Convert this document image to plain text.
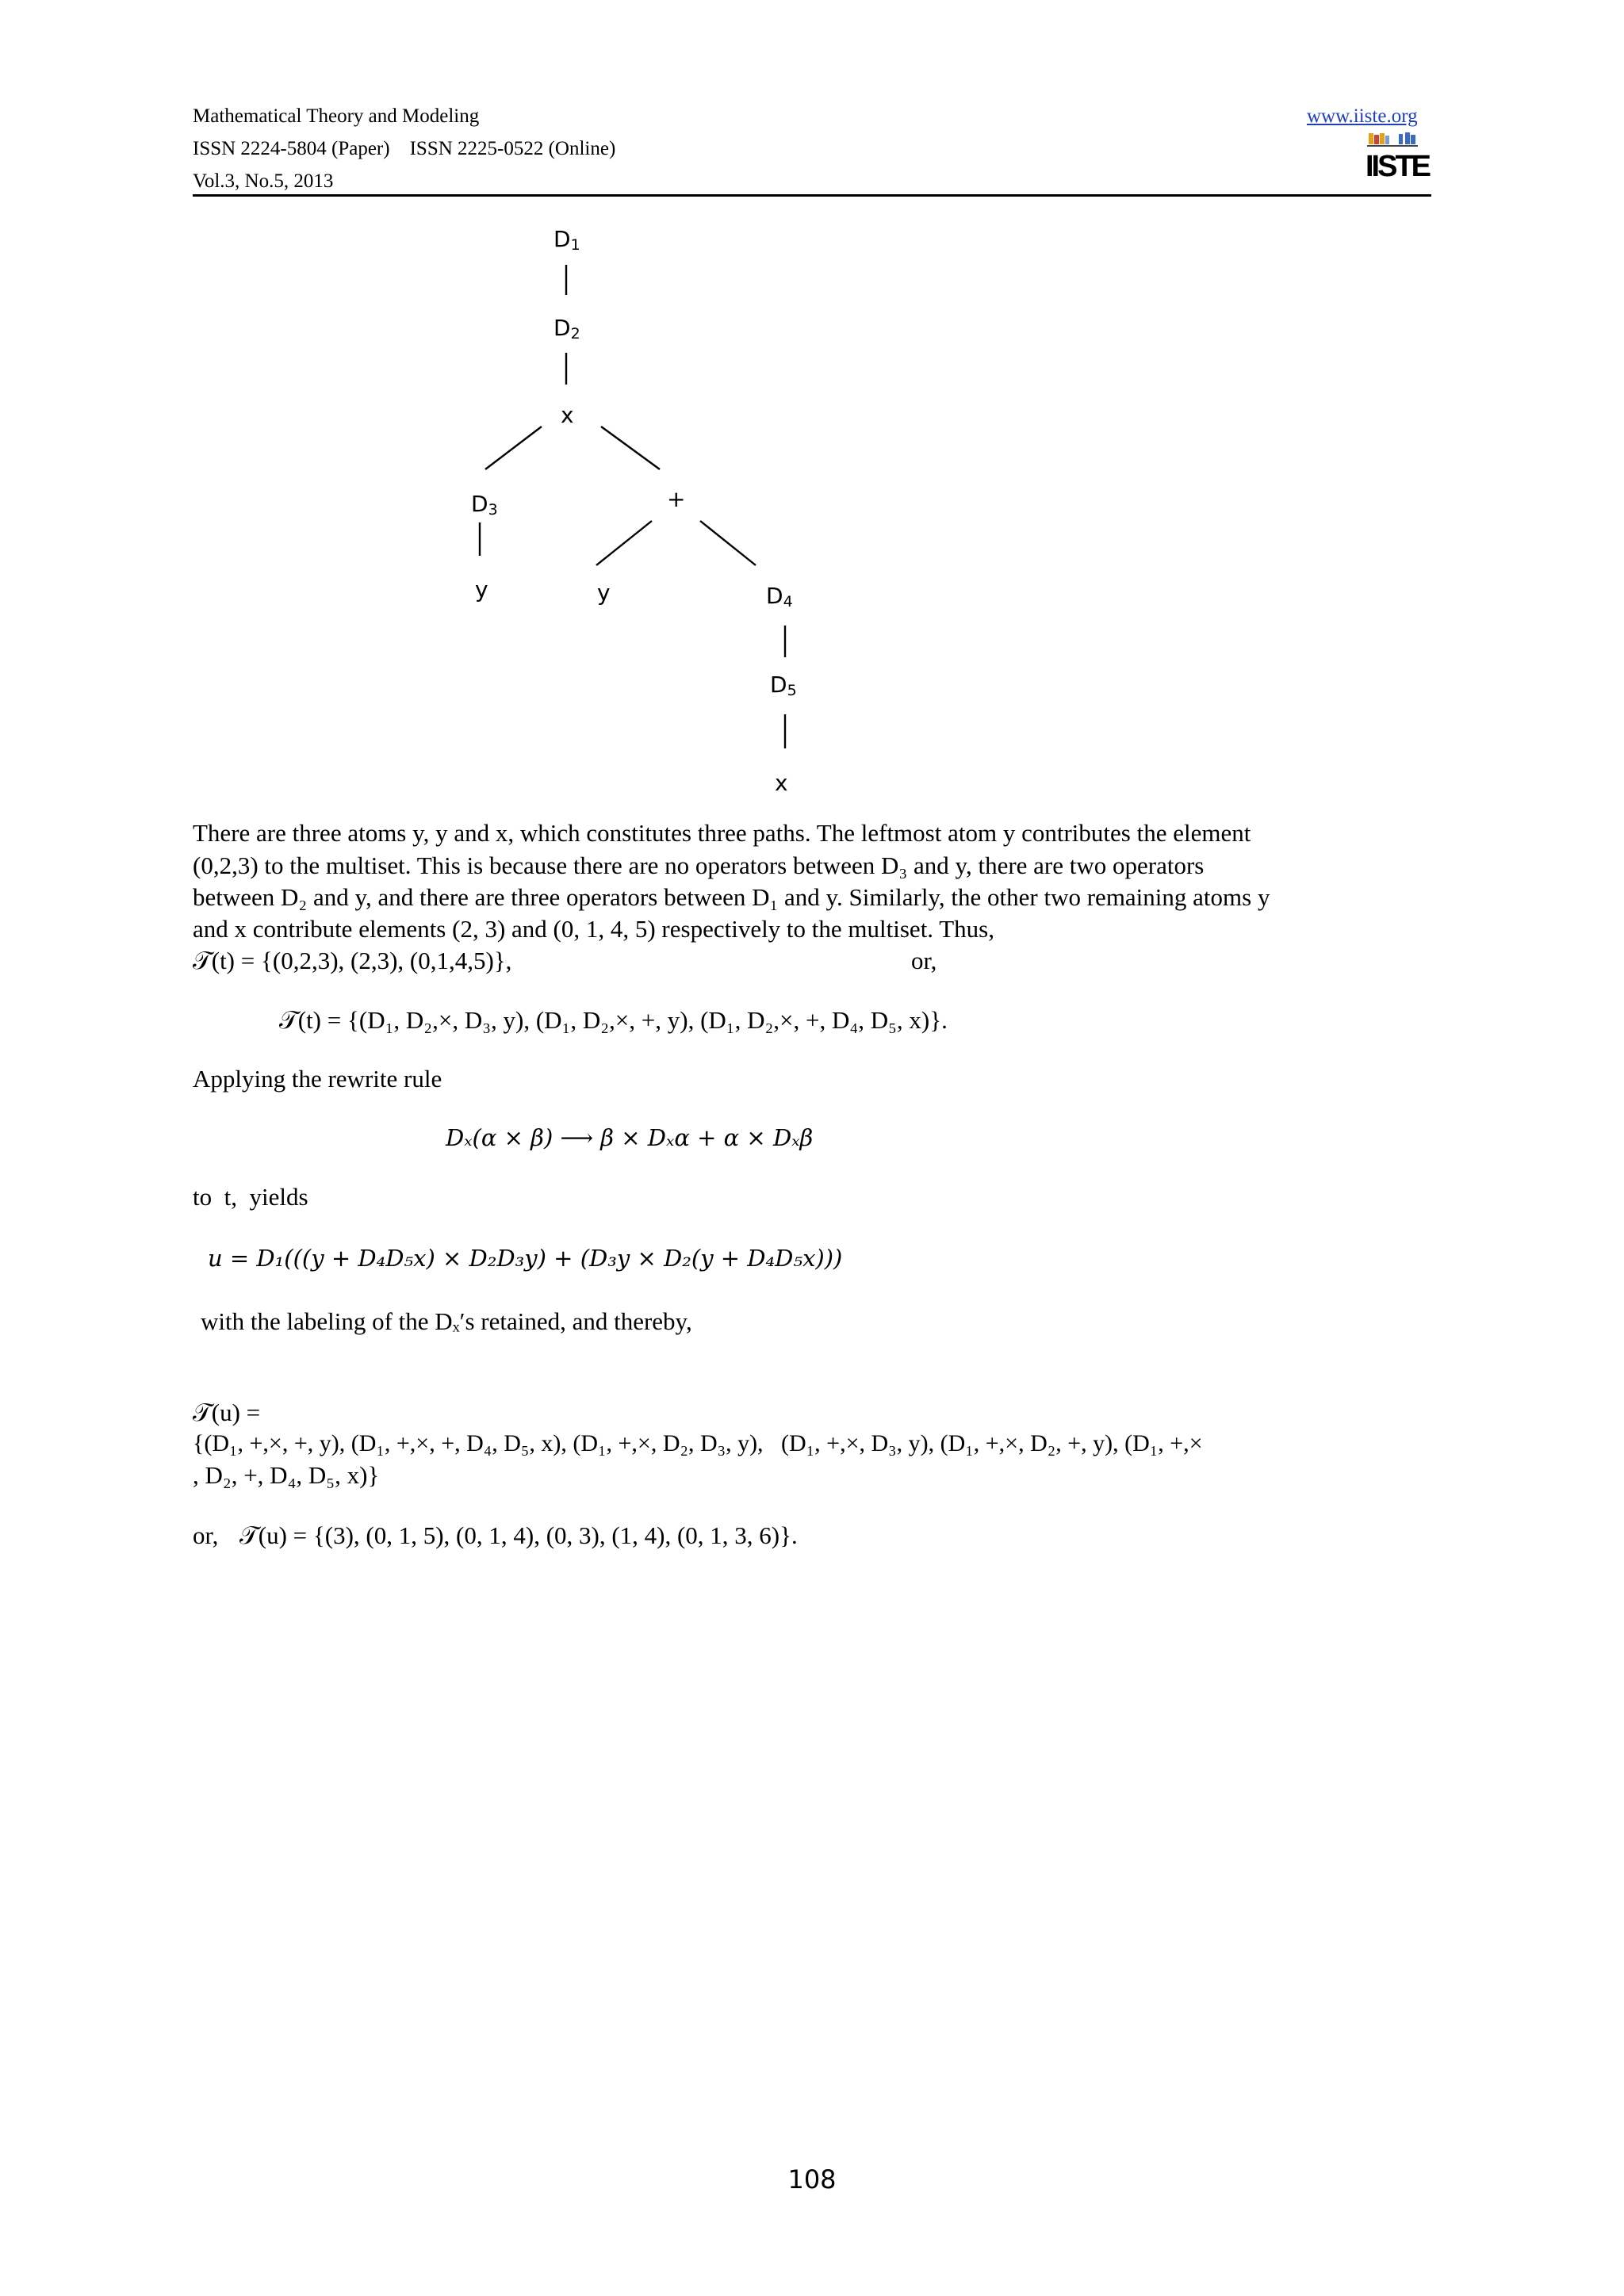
Mathematical Theory and Modeling
ISSN 2224-5804 (Paper)    ISSN 2225-0522 (Online)
Vol.3, No.5, 2013
www.iiste.org
IISTE
$D_1$
$D_2$
x
$D_3$	+
y	y	$D_4$
$D_5$
x
There are three atoms y, y and x, which constitutes three paths. The leftmost atom y contributes the element
(0,2,3) to the multiset. This is because there are no operators between D₃ and y, there are two operators
between D₂ and y, and there are three operators between D₁ and y. Similarly, the other two remaining atoms y
and x contribute elements (2, 3) and (0, 1, 4, 5) respectively to the multiset. Thus,
𝒯(t) = {(0,2,3), (2,3), (0,1,4,5)},	or,
𝒯(t) = {(D₁, D₂,×, D₃, y), (D₁, D₂,×, +, y), (D₁, D₂,×, +, D₄, D₅, x)}.
Applying the rewrite rule
Dₓ(α × β) ⟶ β × Dₓα + α × Dₓβ
to  t,  yields
u = D₁(((y + D₄D₅x) × D₂D₃y) + (D₃y × D₂(y + D₄D₅x)))
with the labeling of the Dₓ′s retained, and thereby,
𝒯(u) =
{(D₁, +,×, +, y), (D₁, +,×, +, D₄, D₅, x), (D₁, +,×, D₂, D₃, y),   (D₁, +,×, D₃, y), (D₁, +,×, D₂, +, y), (D₁, +,×
, D₂, +, D₄, D₅, x)}
or, 𝒯(u) = {(3), (0, 1, 5), (0, 1, 4), (0, 3), (1, 4), (0, 1, 3, 6)}.
108
